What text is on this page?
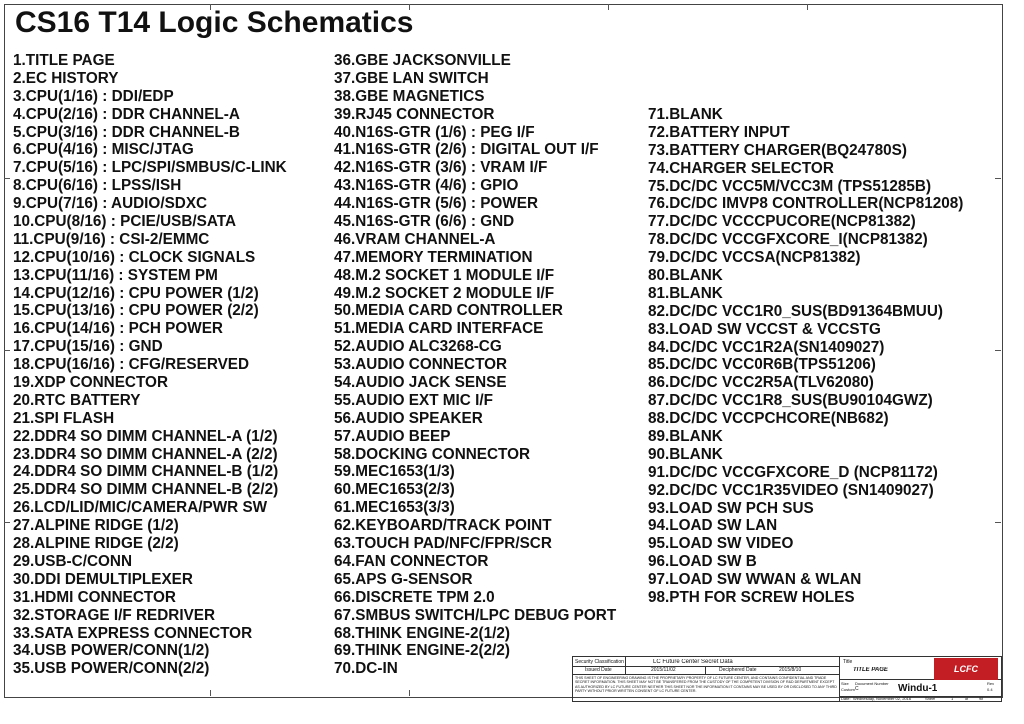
CS16 T14 Logic Schematics
1.TITLE PAGE
2.EC HISTORY
3.CPU(1/16) : DDI/EDP
4.CPU(2/16) : DDR CHANNEL-A
5.CPU(3/16) : DDR CHANNEL-B
6.CPU(4/16) : MISC/JTAG
7.CPU(5/16) : LPC/SPI/SMBUS/C-LINK
8.CPU(6/16) : LPSS/ISH
9.CPU(7/16) : AUDIO/SDXC
10.CPU(8/16) : PCIE/USB/SATA
11.CPU(9/16) : CSI-2/EMMC
12.CPU(10/16) : CLOCK SIGNALS
13.CPU(11/16) : SYSTEM PM
14.CPU(12/16) : CPU POWER (1/2)
15.CPU(13/16) : CPU POWER (2/2)
16.CPU(14/16) : PCH POWER
17.CPU(15/16) : GND
18.CPU(16/16) : CFG/RESERVED
19.XDP CONNECTOR
20.RTC BATTERY
21.SPI FLASH
22.DDR4 SO DIMM CHANNEL-A (1/2)
23.DDR4 SO DIMM CHANNEL-A (2/2)
24.DDR4 SO DIMM CHANNEL-B (1/2)
25.DDR4 SO DIMM CHANNEL-B (2/2)
26.LCD/LID/MIC/CAMERA/PWR SW
27.ALPINE RIDGE (1/2)
28.ALPINE RIDGE (2/2)
29.USB-C/CONN
30.DDI DEMULTIPLEXER
31.HDMI CONNECTOR
32.STORAGE I/F REDRIVER
33.SATA EXPRESS CONNECTOR
34.USB POWER/CONN(1/2)
35.USB POWER/CONN(2/2)
36.GBE JACKSONVILLE
37.GBE LAN SWITCH
38.GBE MAGNETICS
39.RJ45 CONNECTOR
40.N16S-GTR (1/6) : PEG I/F
41.N16S-GTR (2/6) : DIGITAL OUT I/F
42.N16S-GTR (3/6) : VRAM I/F
43.N16S-GTR (4/6) : GPIO
44.N16S-GTR (5/6) : POWER
45.N16S-GTR (6/6) : GND
46.VRAM CHANNEL-A
47.MEMORY TERMINATION
48.M.2 SOCKET 1 MODULE I/F
49.M.2 SOCKET 2 MODULE I/F
50.MEDIA CARD CONTROLLER
51.MEDIA CARD INTERFACE
52.AUDIO ALC3268-CG
53.AUDIO CONNECTOR
54.AUDIO JACK SENSE
55.AUDIO EXT MIC I/F
56.AUDIO SPEAKER
57.AUDIO BEEP
58.DOCKING CONNECTOR
59.MEC1653(1/3)
60.MEC1653(2/3)
61.MEC1653(3/3)
62.KEYBOARD/TRACK POINT
63.TOUCH PAD/NFC/FPR/SCR
64.FAN CONNECTOR
65.APS G-SENSOR
66.DISCRETE TPM 2.0
67.SMBUS SWITCH/LPC DEBUG PORT
68.THINK ENGINE-2(1/2)
69.THINK ENGINE-2(2/2)
70.DC-IN
71.BLANK
72.BATTERY INPUT
73.BATTERY CHARGER(BQ24780S)
74.CHARGER SELECTOR
75.DC/DC VCC5M/VCC3M (TPS51285B)
76.DC/DC IMVP8 CONTROLLER(NCP81208)
77.DC/DC VCCCPUCORE(NCP81382)
78.DC/DC VCCGFXCORE_I(NCP81382)
79.DC/DC VCCSA(NCP81382)
80.BLANK
81.BLANK
82.DC/DC VCC1R0_SUS(BD91364BMUU)
83.LOAD SW VCCST & VCCSTG
84.DC/DC VCC1R2A(SN1409027)
85.DC/DC VCC0R6B(TPS51206)
86.DC/DC VCC2R5A(TLV62080)
87.DC/DC VCC1R8_SUS(BU90104GWZ)
88.DC/DC VCCPCHCORE(NB682)
89.BLANK
90.BLANK
91.DC/DC VCCGFXCORE_D (NCP81172)
92.DC/DC VCC1R35VIDEO (SN1409027)
93.LOAD SW PCH SUS
94.LOAD SW LAN
95.LOAD SW VIDEO
96.LOAD SW B
97.LOAD SW WWAN & WLAN
98.PTH FOR SCREW HOLES
Security Classification	LC Future Center Secret Data
Issued Date	2015/11/02	Deciphered Date	2015/8/10
THIS SHEET OF ENGINEERING DRAWING IS THE PROPRIETARY PROPERTY OF LC FUTURE CENTER, AND CONTAINS CONFIDENTIAL AND TRADE SECRET INFORMATION. THIS SHEET MAY NOT BE TRANSFERED FROM THE CUSTODY OF THE COMPETENT DIVISION OF R&D DEPARTMENT EXCEPT AS AUTHORIZED BY LC FUTURE CENTER NEITHER THIS SHEET NOR THE INFORMATION IT CONTAINS MAY BE USED BY OR DISCLOSED TO ANY THIRD PARTY WITHOUT PRIOR WRITTEN CONSENT OF LC FUTURE CENTER.
Title
TITLE PAGE
Size
Custom
Document Number
C	Windu-1	Rev
0.4
Date: Wednesday, November 02, 2016	Sheet	1	of	98
LCFC
